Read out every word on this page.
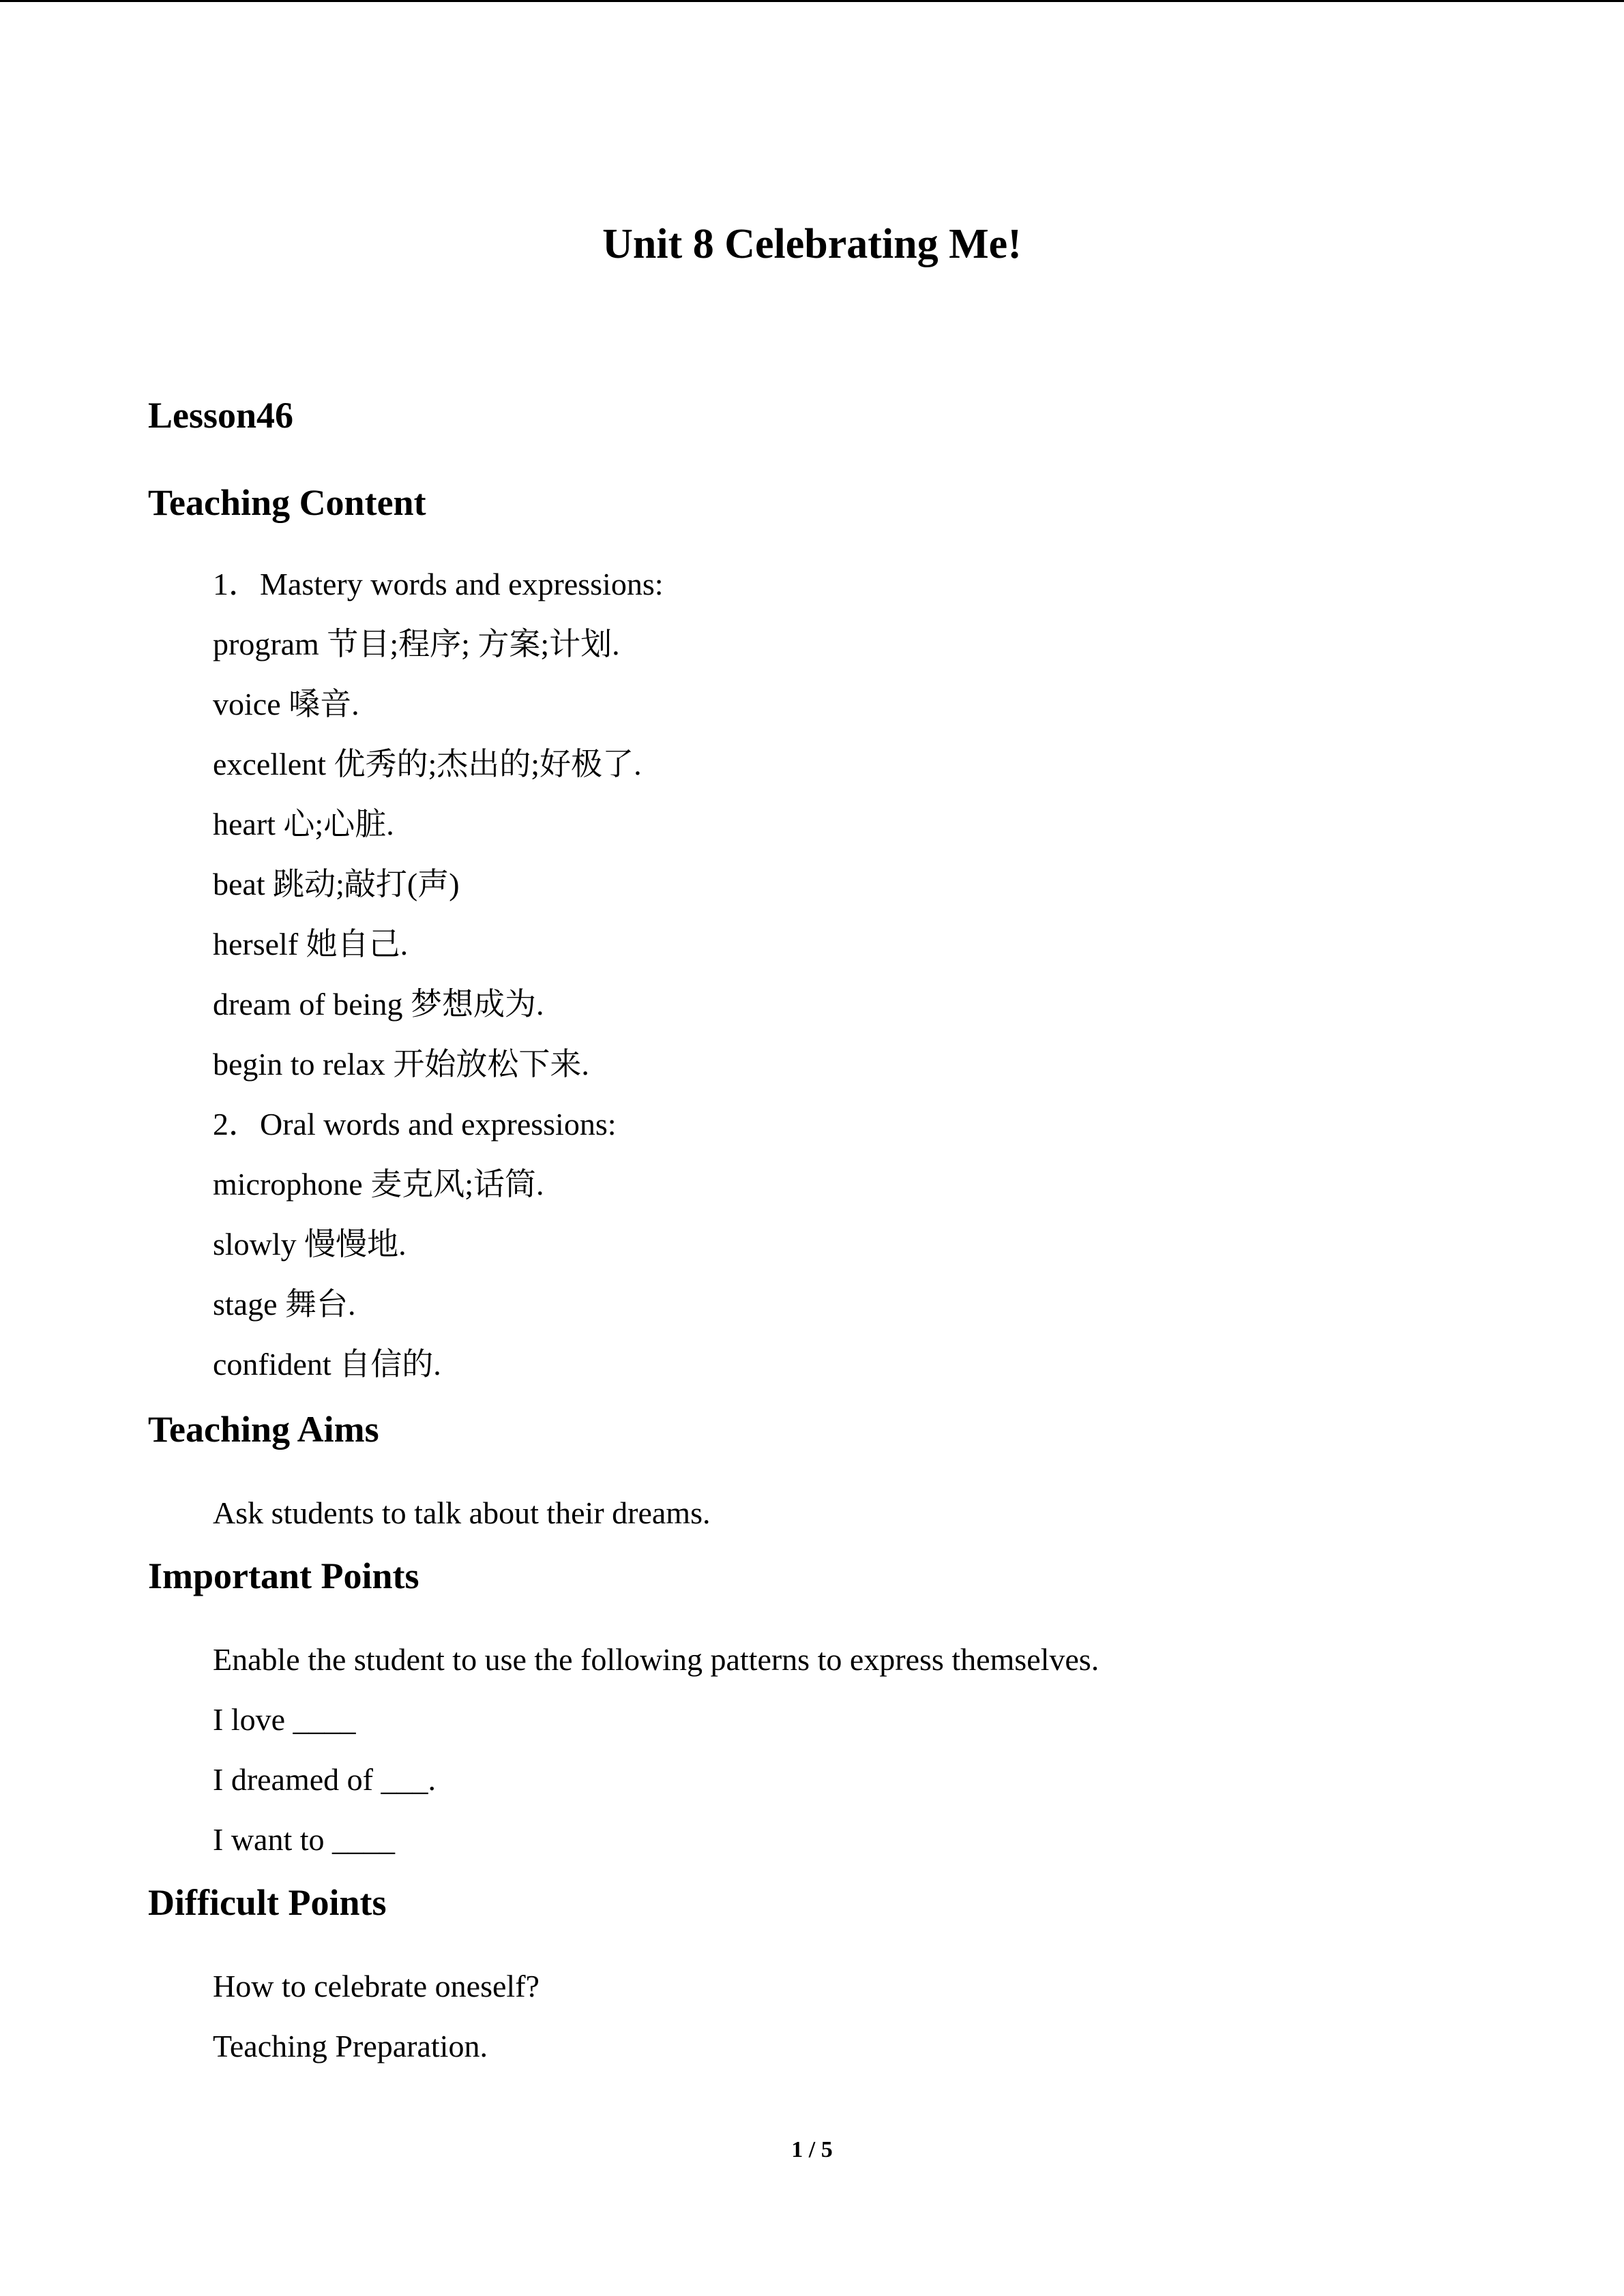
Unit 8 Celebrating Me!
Lesson46
Teaching Content

1．Mastery words and expressions:

program 节目;程序; 方案;计划.

voice 嗓音.

excellent 优秀的;杰出的;好极了.

heart 心;心脏.

beat 跳动;敲打(声)

herself 她自己.

dream of being 梦想成为.

begin to relax 开始放松下来.

2．Oral words and expressions:

microphone 麦克风;话筒.

slowly 慢慢地.

stage 舞台.

confident 自信的.

Teaching Aims

Ask students to talk about their dreams.

Important Points

Enable the student to use the following patterns to express themselves.

I love ____

I dreamed of ___.

I want to ____

Difficult Points

How to celebrate oneself?

Teaching Preparation.

1 / 5
